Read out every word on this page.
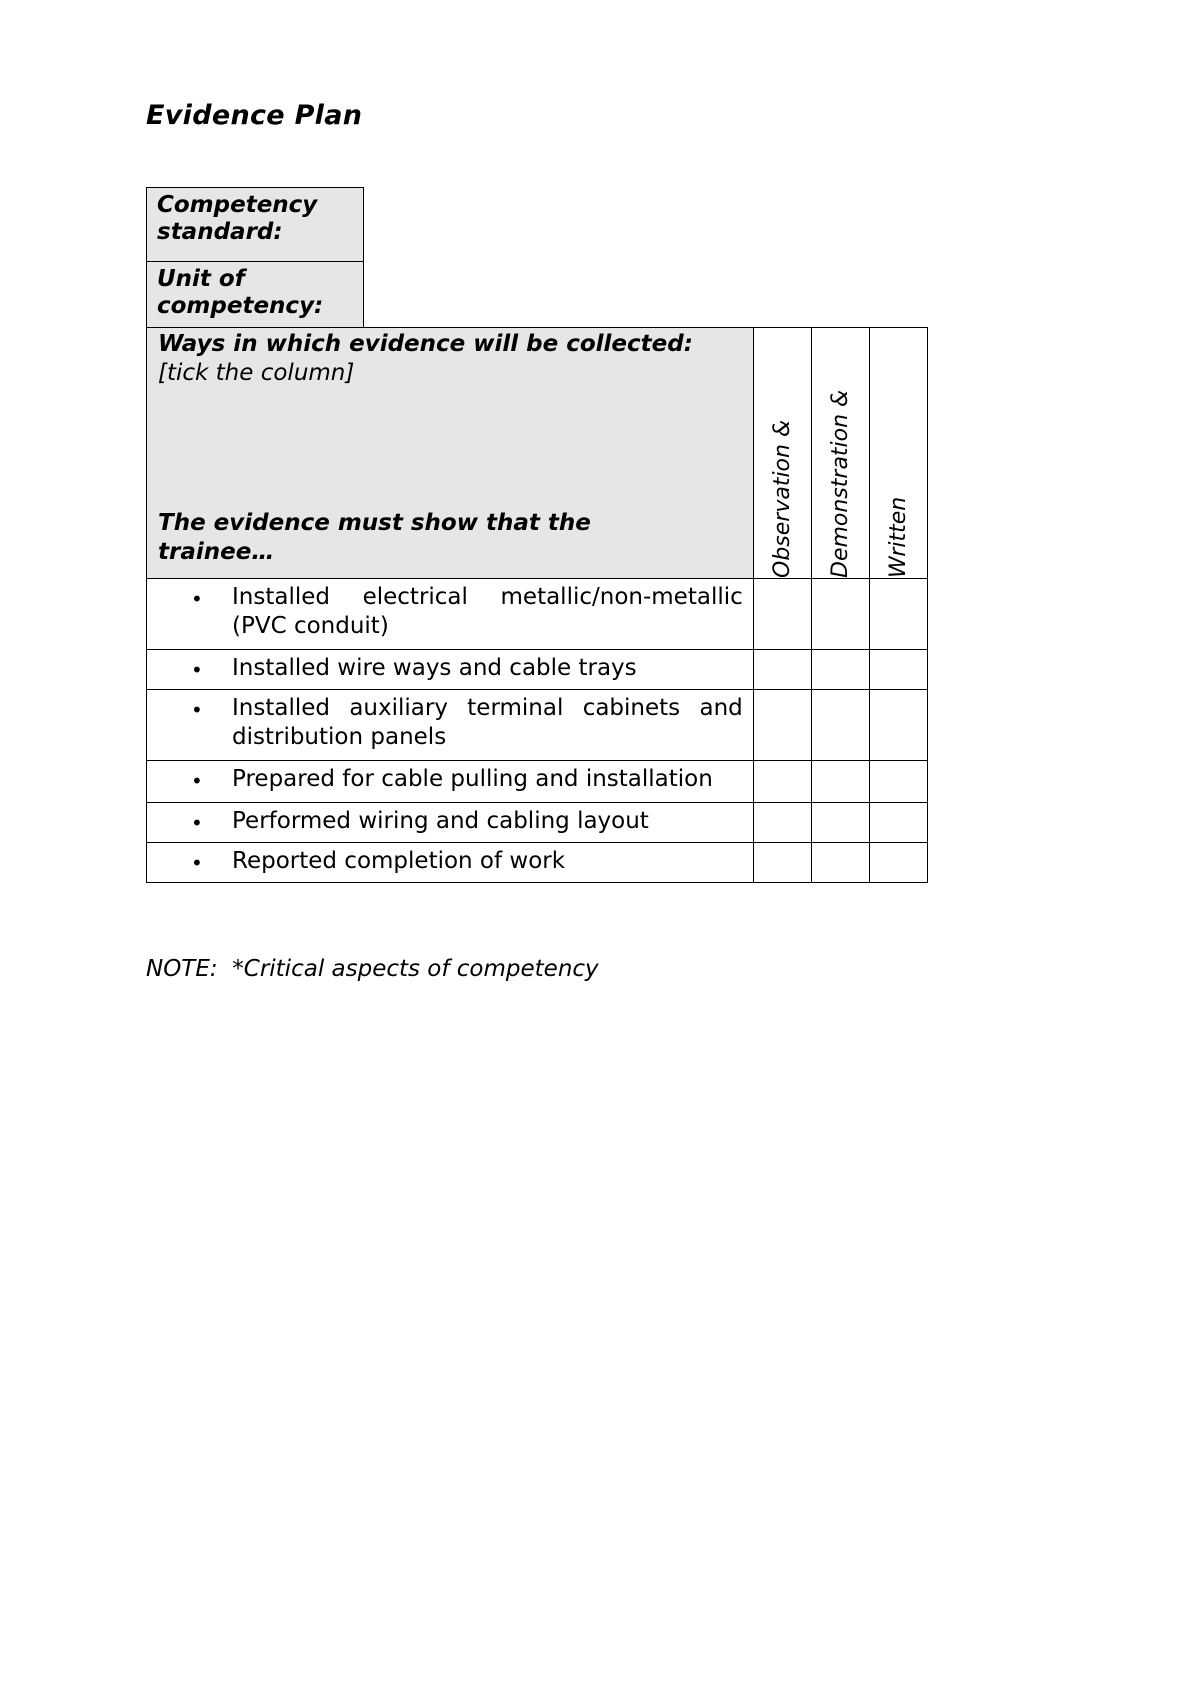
Evidence Plan
Competency standard:
Unit of competency:
Ways in which evidence will be collected:
[tick the column]
The evidence must show that the trainee…	Observation &	Demonstration &	Written

• Installed electrical metallic/non-metallic (PVC conduit)			

• Installed wire ways and cable trays			

• Installed auxiliary terminal cabinets and distribution panels			

• Prepared for cable pulling and installation			

• Performed wiring and cabling layout			

• Reported completion of work			

NOTE:  *Critical aspects of competency
